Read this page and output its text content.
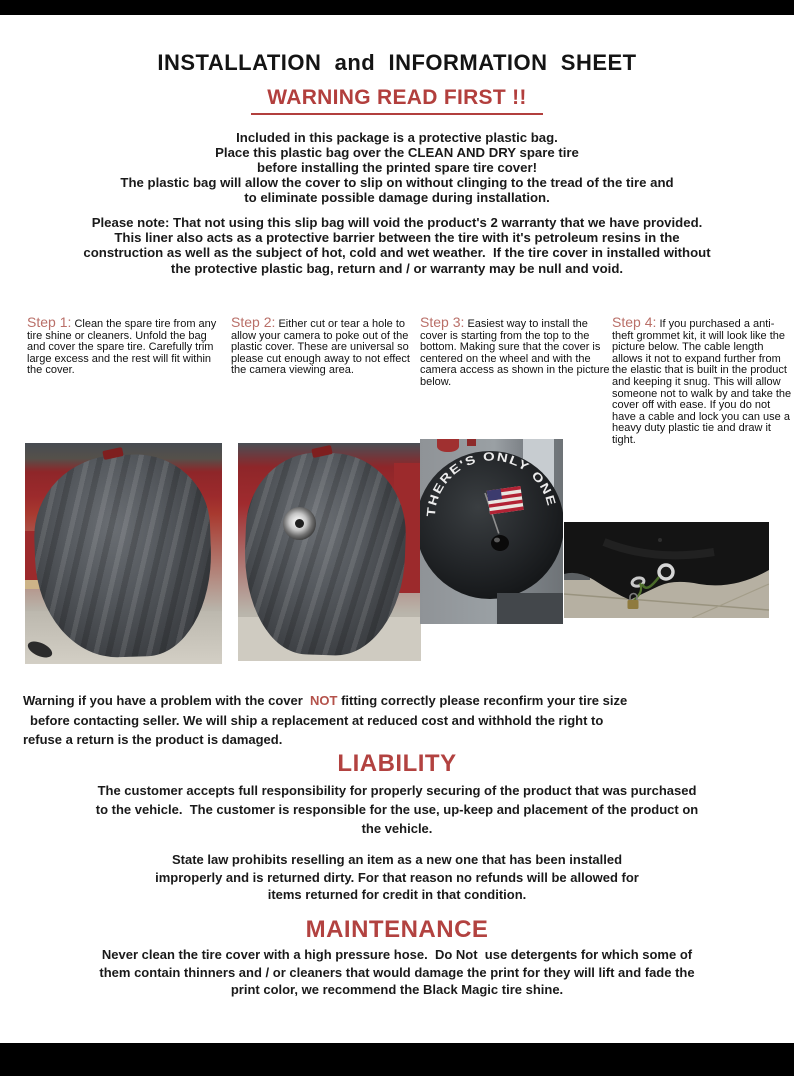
INSTALLATION  and  INFORMATION  SHEET
WARNING READ FIRST !!
Included in this package is a protective plastic bag.
Place this plastic bag over the CLEAN AND DRY spare tire
before installing the printed spare tire cover!
The plastic bag will allow the cover to slip on without clinging to the tread of the tire and
to eliminate possible damage during installation.
Please note: That not using this slip bag will void the product's 2 warranty that we have provided.
This liner also acts as a protective barrier between the tire with it's petroleum resins in the
construction as well as the subject of hot, cold and wet weather.  If the tire cover in installed without
the protective plastic bag, return and / or warranty may be null and void.
Step 1: Clean the spare tire from any tire shine or cleaners. Unfold the bag and cover the spare tire. Carefully trim large excess and the rest will fit within the cover.
Step 2: Either cut or tear a hole to allow your camera to poke out of the plastic cover. These are universal so please cut enough away to not effect the camera viewing area.
Step 3: Easiest way to install the cover is starting from the top to the bottom. Making sure that the cover is centered on the wheel and with the camera access as shown in the picture below.
Step 4: If you purchased a anti-theft grommet kit, it will look like the picture below. The cable length allows it not to expand further from the elastic that is built in the product and keeping it snug. This will allow someone not to walk by and take the cover off with ease. If you do not have a cable and lock you can use a heavy duty plastic tie and draw it tight.
THERE'S ONLY ONE
Warning if you have a problem with the cover  NOT fitting correctly please reconfirm your tire size
before contacting seller. We will ship a replacement at reduced cost and withhold the right to
refuse a return is the product is damaged.
LIABILITY
The customer accepts full responsibility for properly securing of the product that was purchased
to the vehicle.  The customer is responsible for the use, up-keep and placement of the product on
the vehicle.
State law prohibits reselling an item as a new one that has been installed
improperly and is returned dirty. For that reason no refunds will be allowed for
items returned for credit in that condition.
MAINTENANCE
Never clean the tire cover with a high pressure hose.  Do Not  use detergents for which some of
them contain thinners and / or cleaners that would damage the print for they will lift and fade the
print color, we recommend the Black Magic tire shine.
